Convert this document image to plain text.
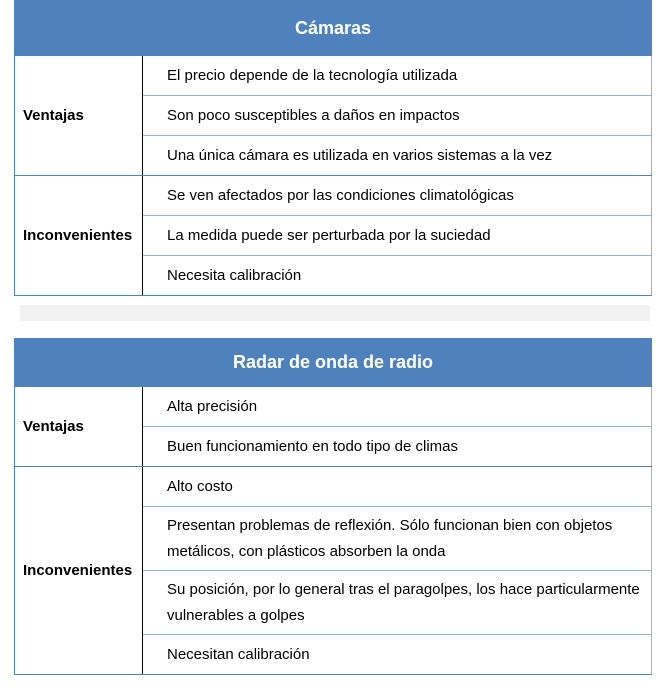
Cámaras	
Ventajas	El precio depende de la tecnología utilizada
	Son poco susceptibles a daños en impactos
	Una única cámara es utilizada en varios sistemas a la vez
Inconvenientes	Se ven afectados por las condiciones climatológicas
	La medida puede ser perturbada por la suciedad
	Necesita calibración
Radar de onda de radio	
Ventajas	Alta precisión
	Buen funcionamiento en todo tipo de climas
Inconvenientes	Alto costo
	Presentan problemas de reflexión. Sólo funcionan bien con objetos metálicos, con plásticos absorben la onda
	Su posición, por lo general tras el paragolpes, los hace particularmente vulnerables a golpes
	Necesitan calibración
